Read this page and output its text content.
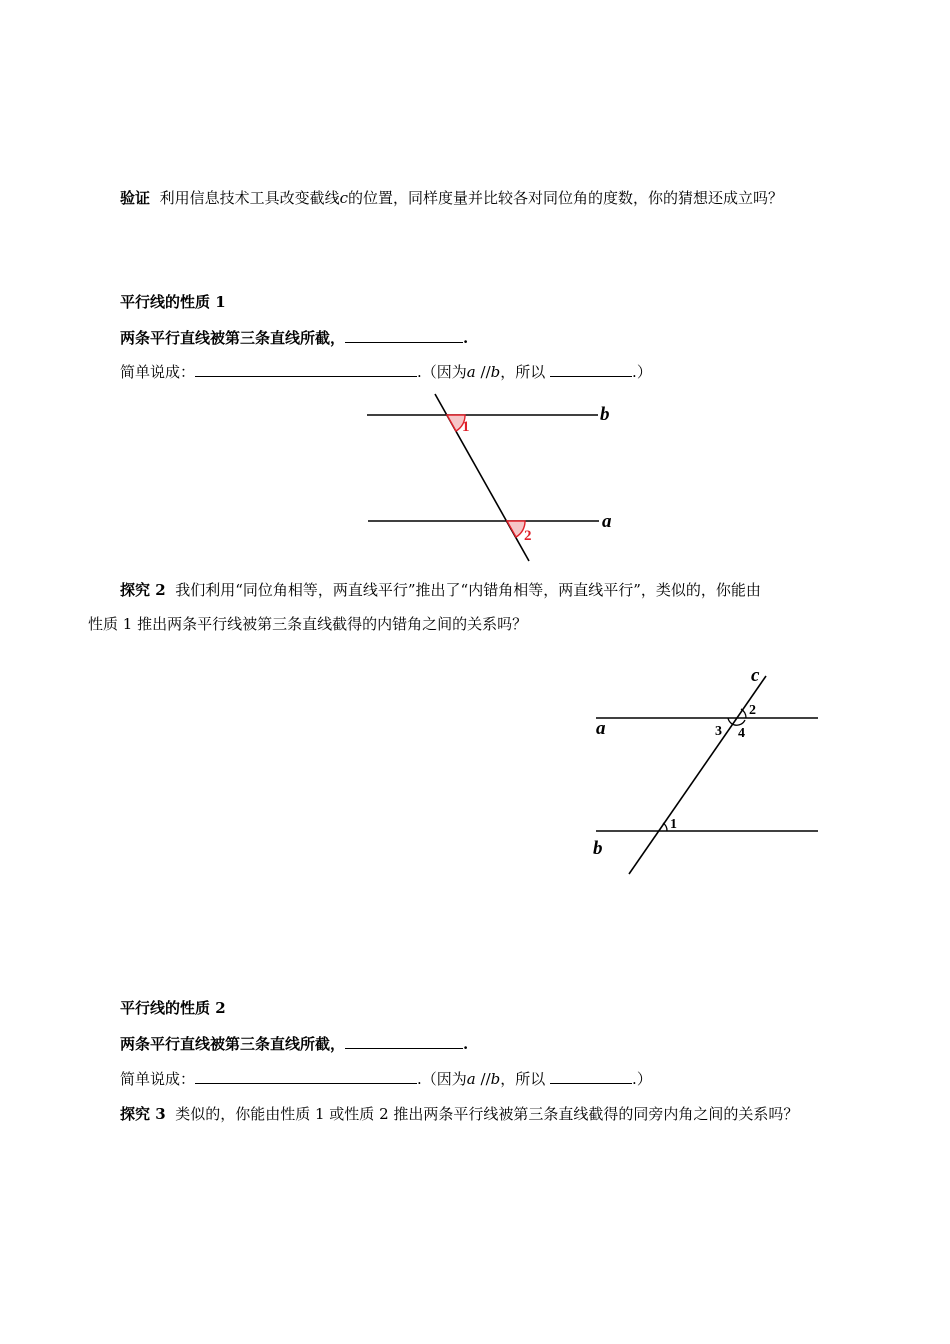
验证 利用信息技术工具改变截线c的位置，同样度量并比较各对同位角的度数，你的猜想还成立吗？
平行线的性质 1
两条平行直线被第三条直线所截，	.
简单说成：	.（因为a //b，所以	.）
b
a
1
2
探究 2 我们利用“同位角相等，两直线平行”推出了“内错角相等，两直线平行”，类似的，你能由
性质 1 推出两条平行线被第三条直线截得的内错角之间的关系吗？
c
a
b
2
3 4
1
平行线的性质 2
两条平行直线被第三条直线所截，	.
简单说成：	.（因为a //b，所以	.）
探究 3 类似的，你能由性质 1 或性质 2 推出两条平行线被第三条直线截得的同旁内角之间的关系吗？
